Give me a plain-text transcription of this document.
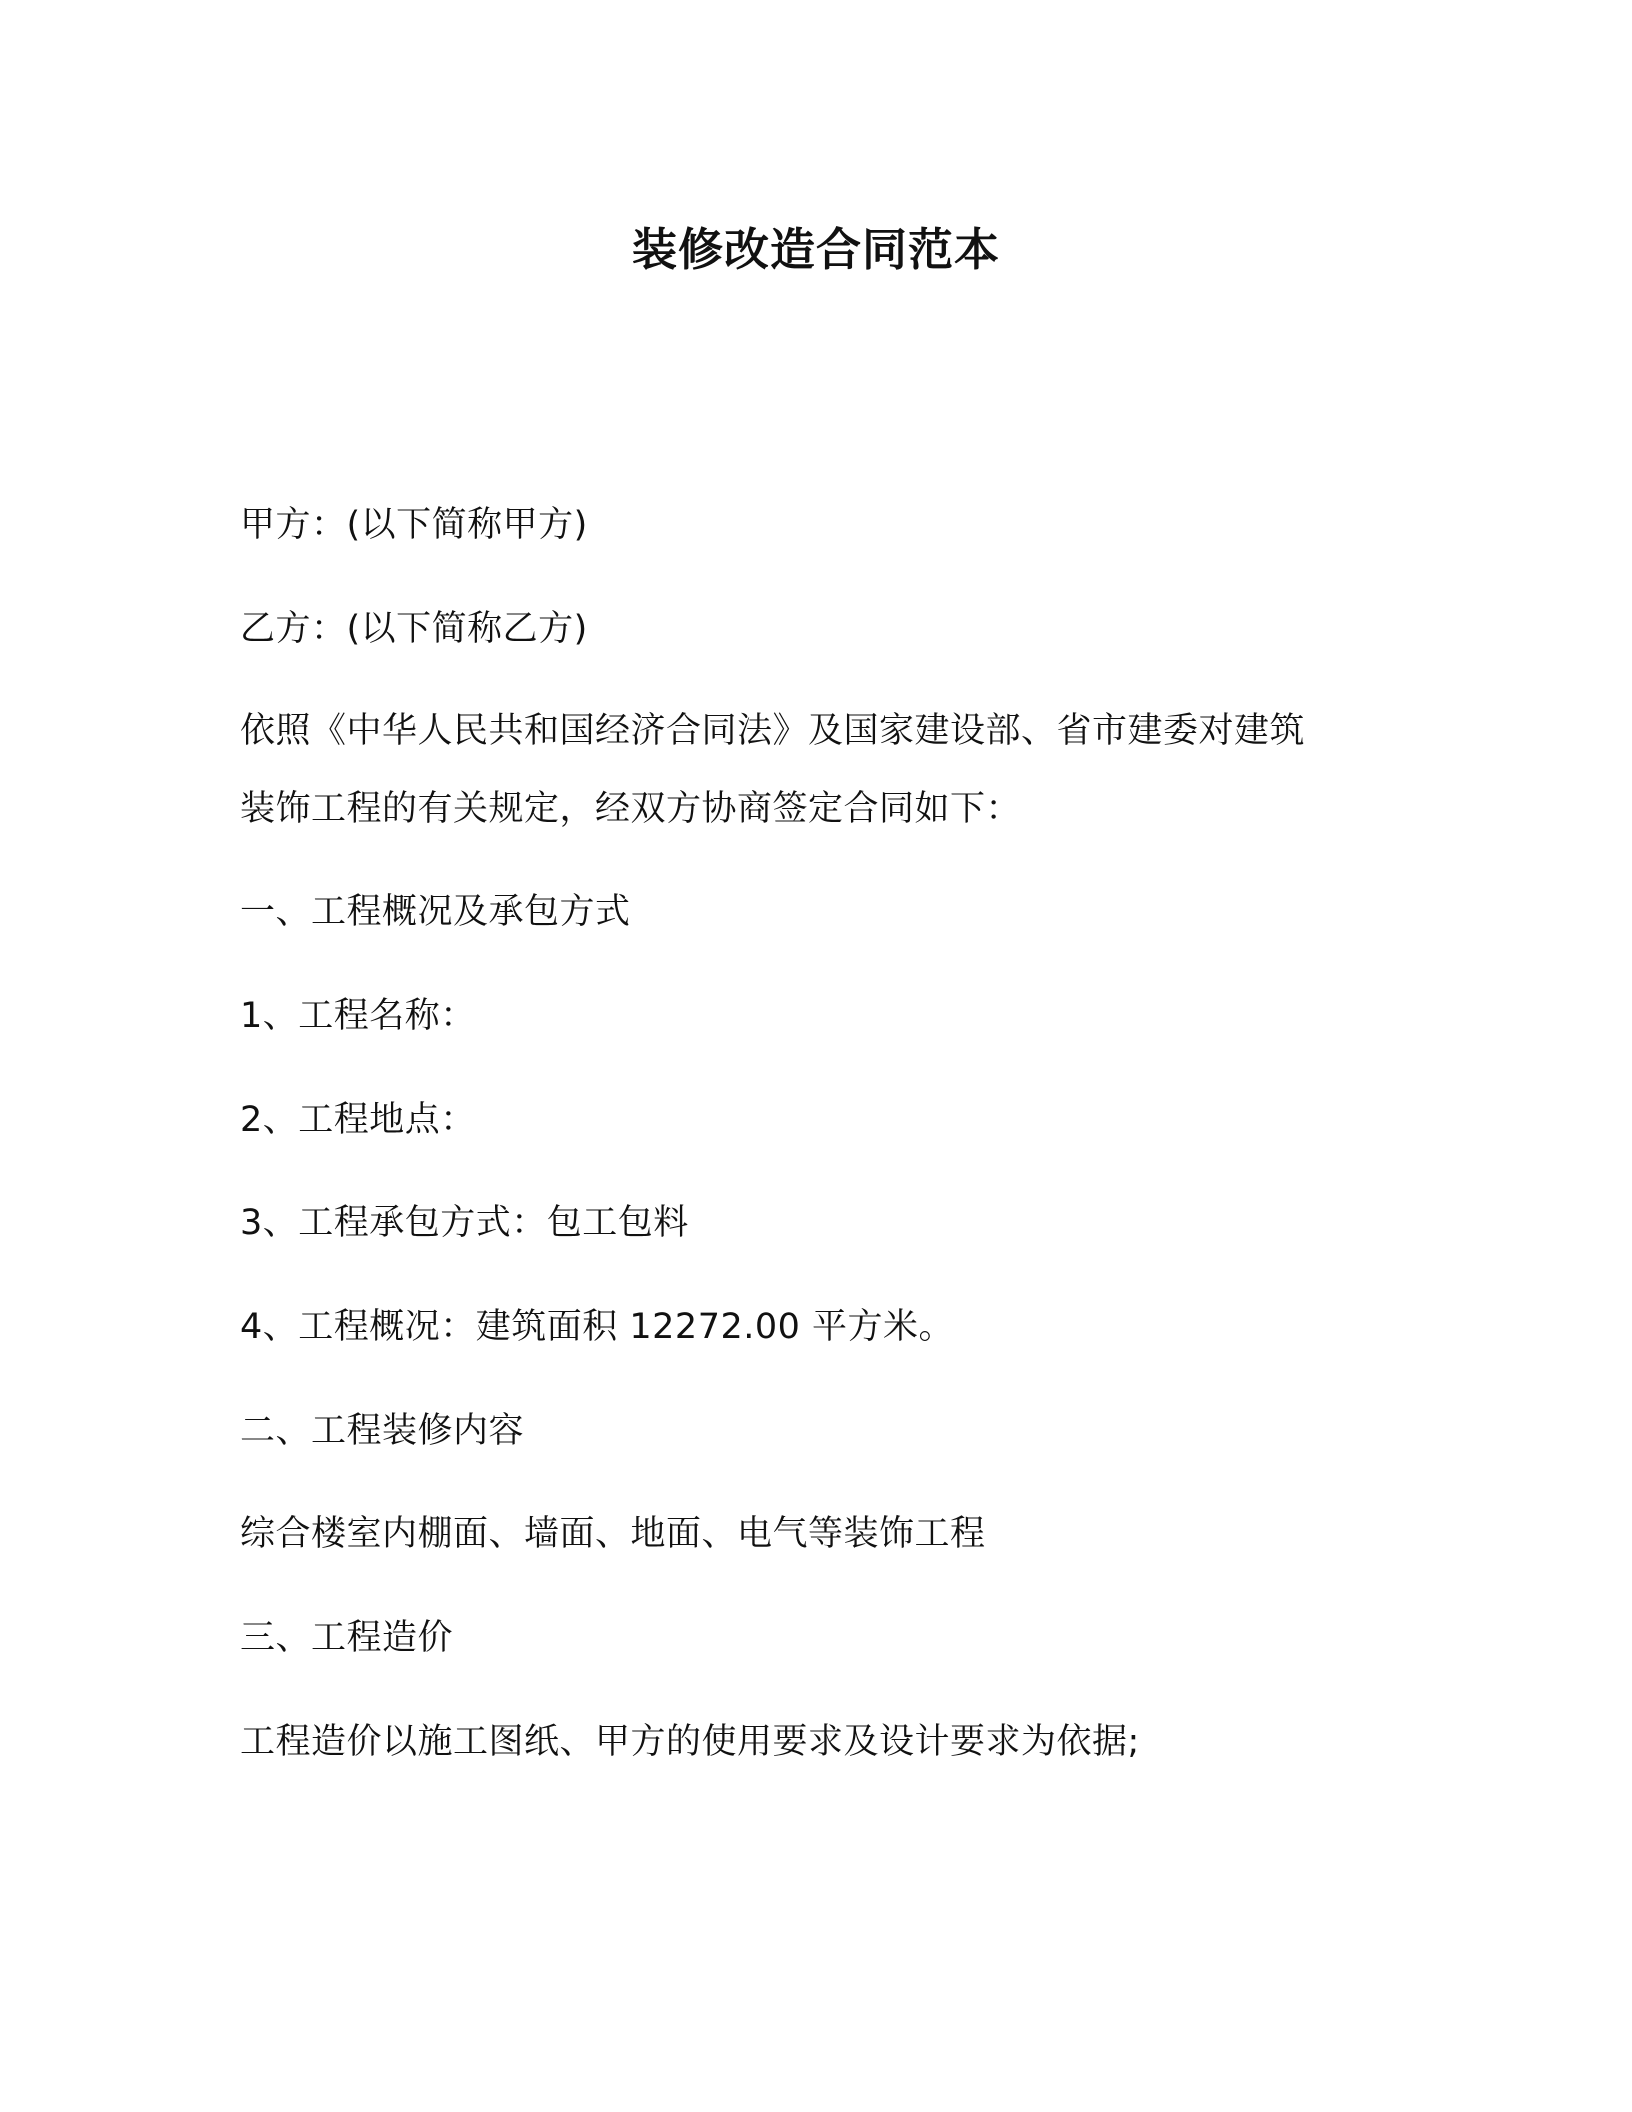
装修改造合同范本
甲方：(以下简称甲方)
乙方：(以下简称乙方)
依照《中华人民共和国经济合同法》及国家建设部、省市建委对建筑
装饰工程的有关规定，经双方协商签定合同如下：
一、工程概况及承包方式
1、工程名称：
2、工程地点：
3、工程承包方式：包工包料
4、工程概况：建筑面积 12272.00 平方米。
二、工程装修内容
综合楼室内棚面、墙面、地面、电气等装饰工程
三、工程造价
工程造价以施工图纸、甲方的使用要求及设计要求为依据;
